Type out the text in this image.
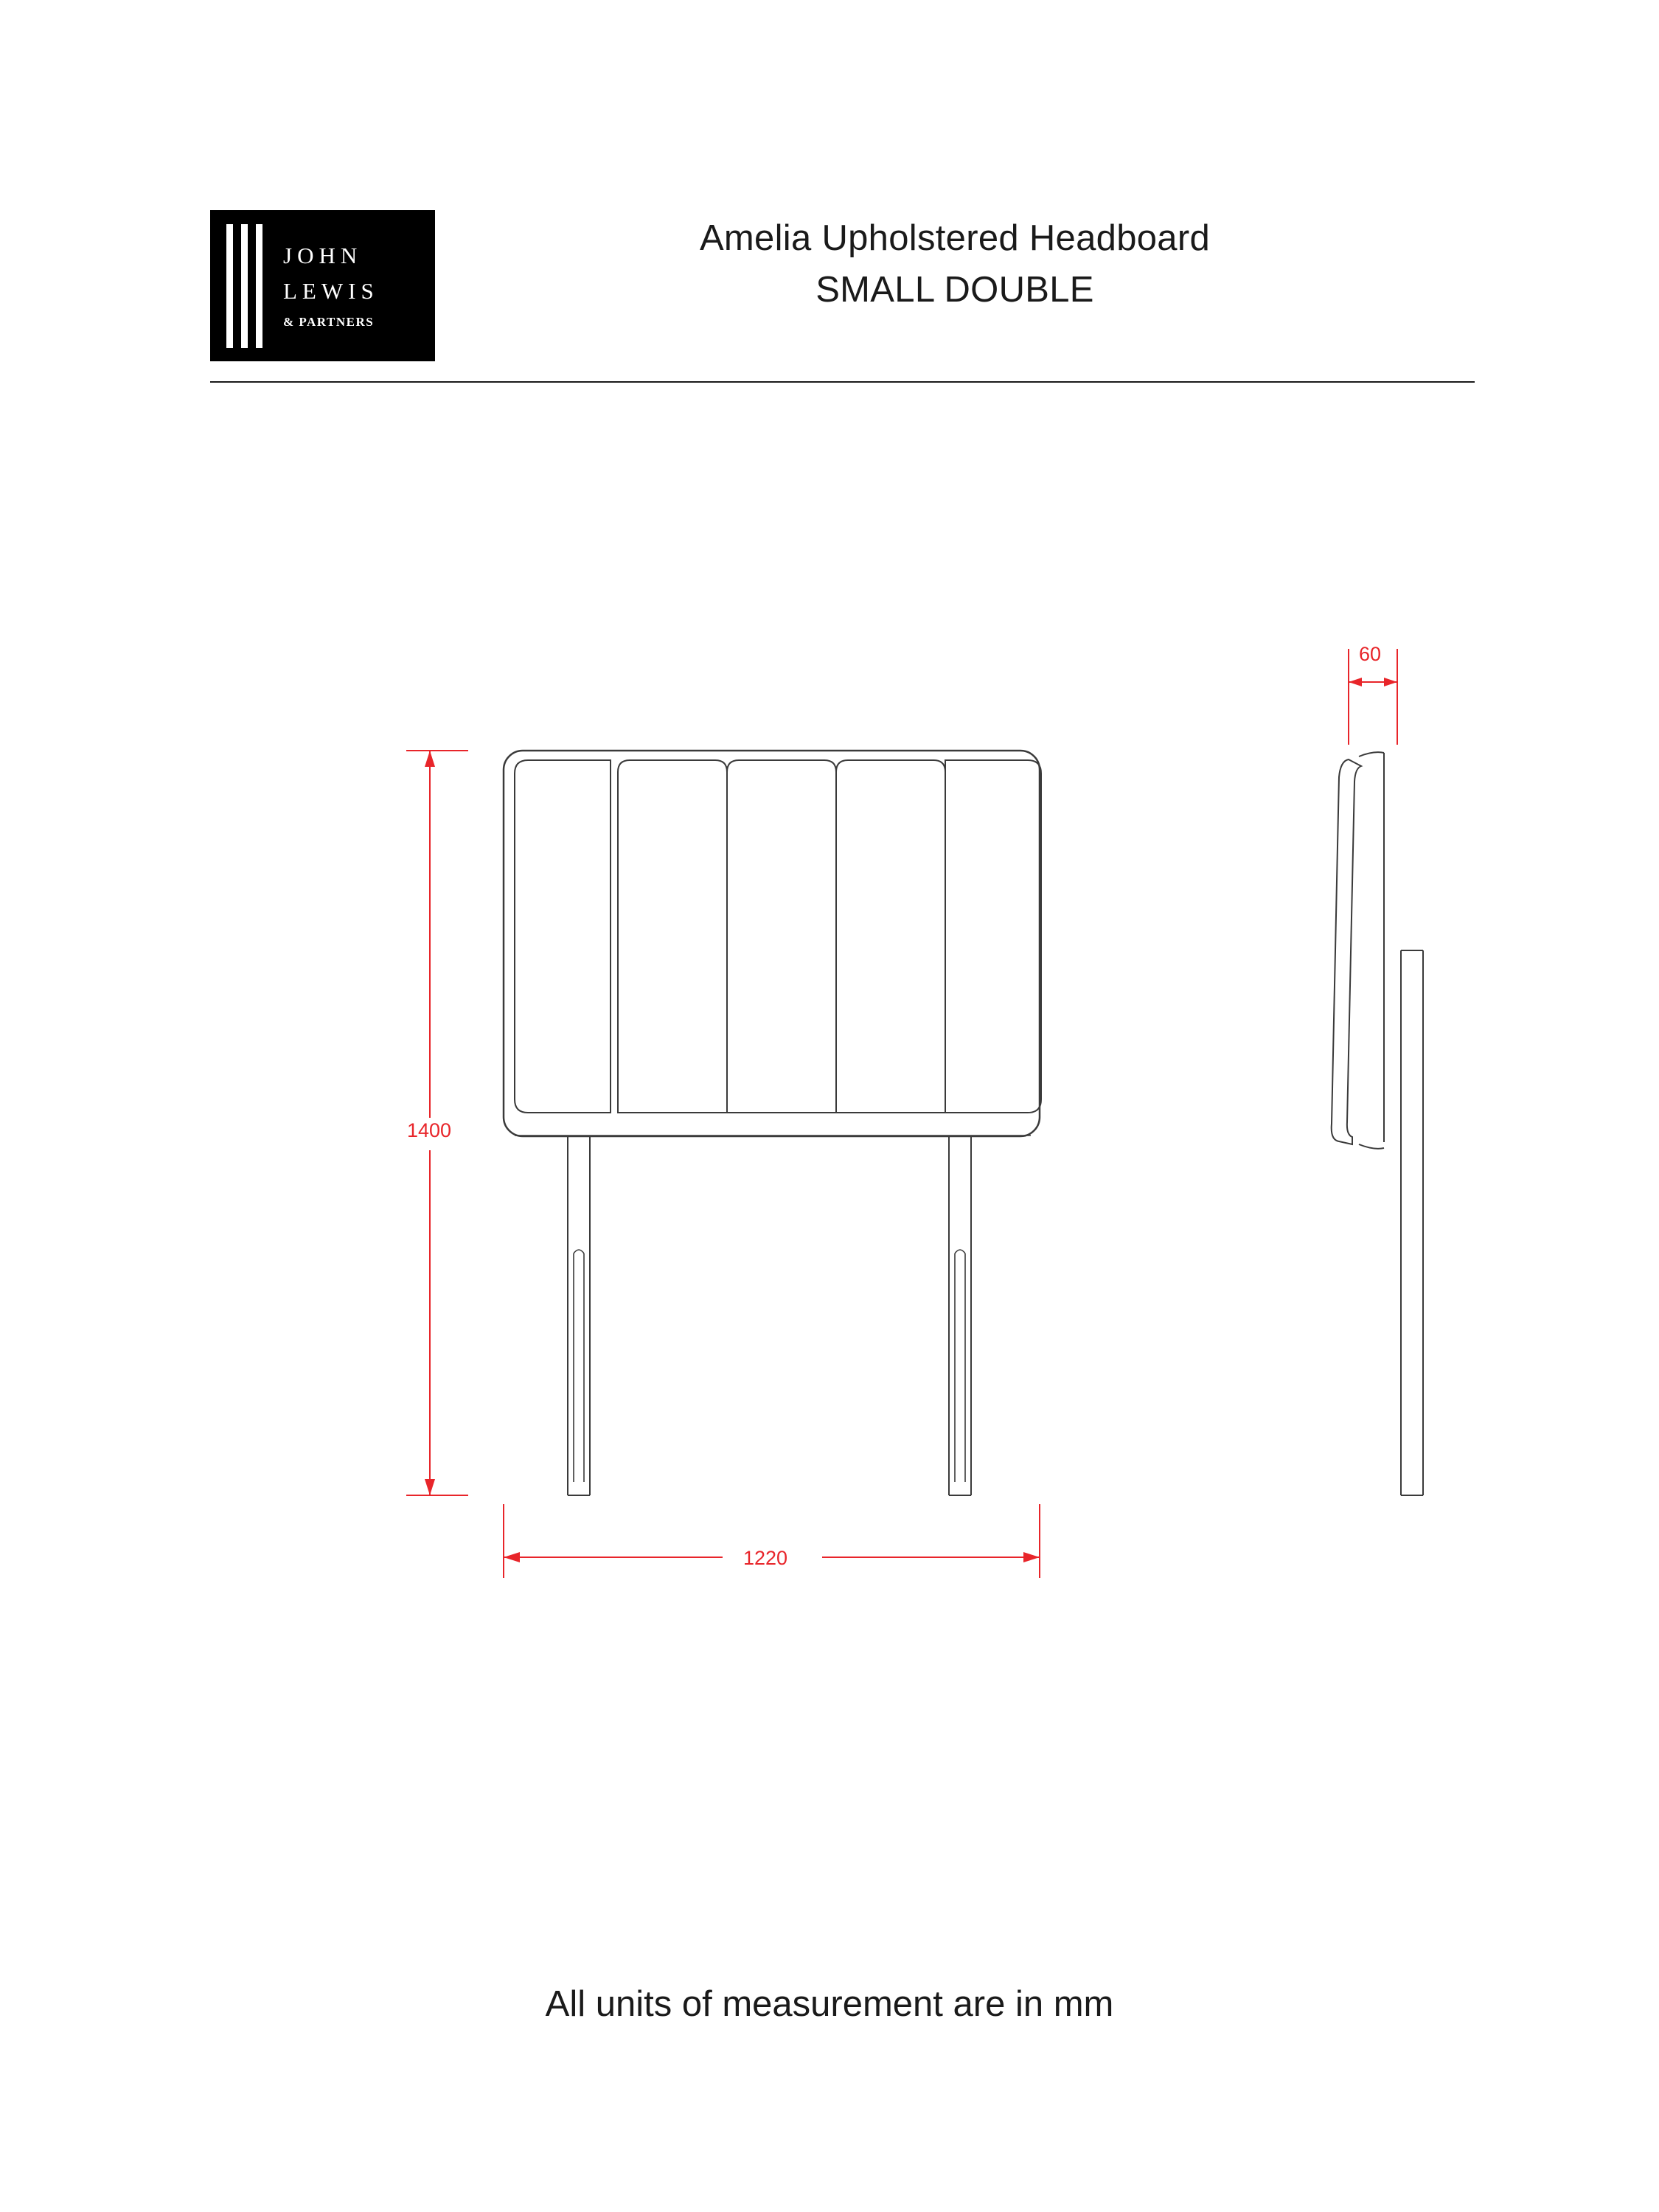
JOHN
LEWIS
& PARTNERS
Amelia Upholstered Headboard
SMALL DOUBLE
1400
1220
60
All units of measurement are in mm
